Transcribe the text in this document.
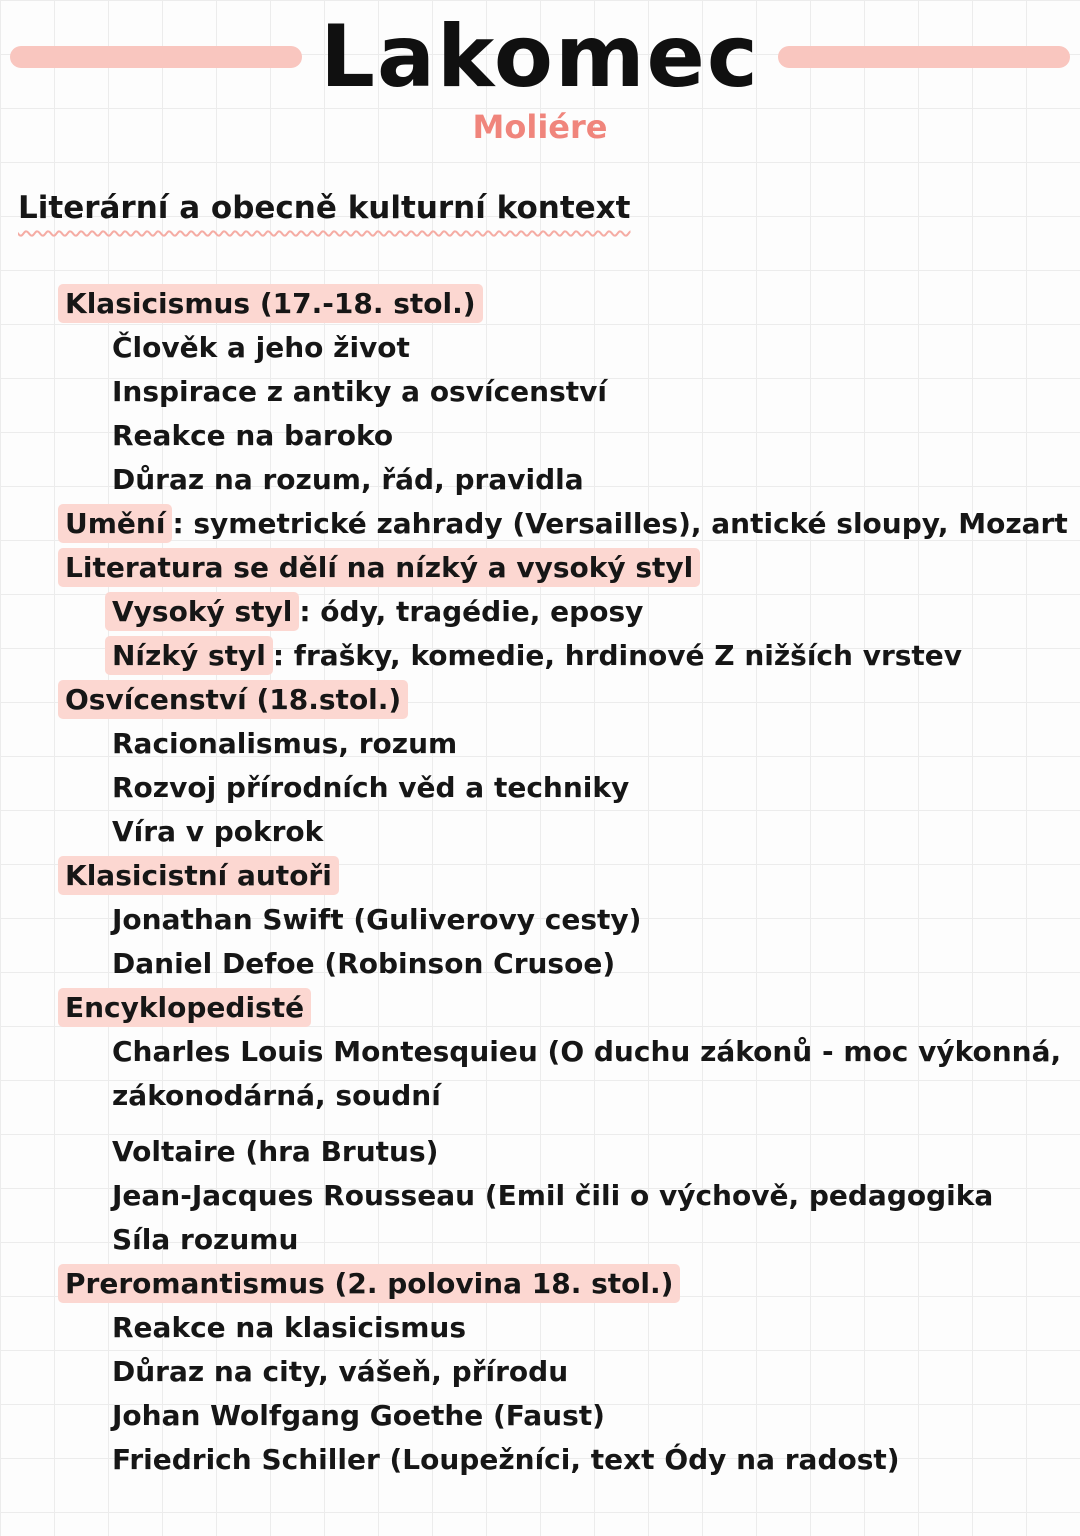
Lakomec
Moliére
Literární a obecně kulturní kontext
Klasicismus (17.-18. stol.)
Člověk a jeho život
Inspirace z antiky a osvícenství
Reakce na baroko
Důraz na rozum, řád, pravidla
Umění : symetrické zahrady (Versailles), antické sloupy, Mozart
Literatura se dělí na nízký a vysoký styl
Vysoký styl : ódy, tragédie, eposy
Nízký styl : frašky, komedie, hrdinové Z nižších vrstev
Osvícenství (18.stol.)
Racionalismus, rozum
Rozvoj přírodních věd a techniky
Víra v pokrok
Klasicistní autoři
Jonathan Swift (Guliverovy cesty)
Daniel Defoe (Robinson Crusoe)
Encyklopedisté
Charles Louis Montesquieu (O duchu zákonů - moc výkonná,
zákonodárná, soudní
Voltaire (hra Brutus)
Jean-Jacques Rousseau (Emil čili o výchově, pedagogika
Síla rozumu
Preromantismus (2. polovina 18. stol.)
Reakce na klasicismus
Důraz na city, vášeň, přírodu
Johan Wolfgang Goethe (Faust)
Friedrich Schiller (Loupežníci, text Ódy na radost)
